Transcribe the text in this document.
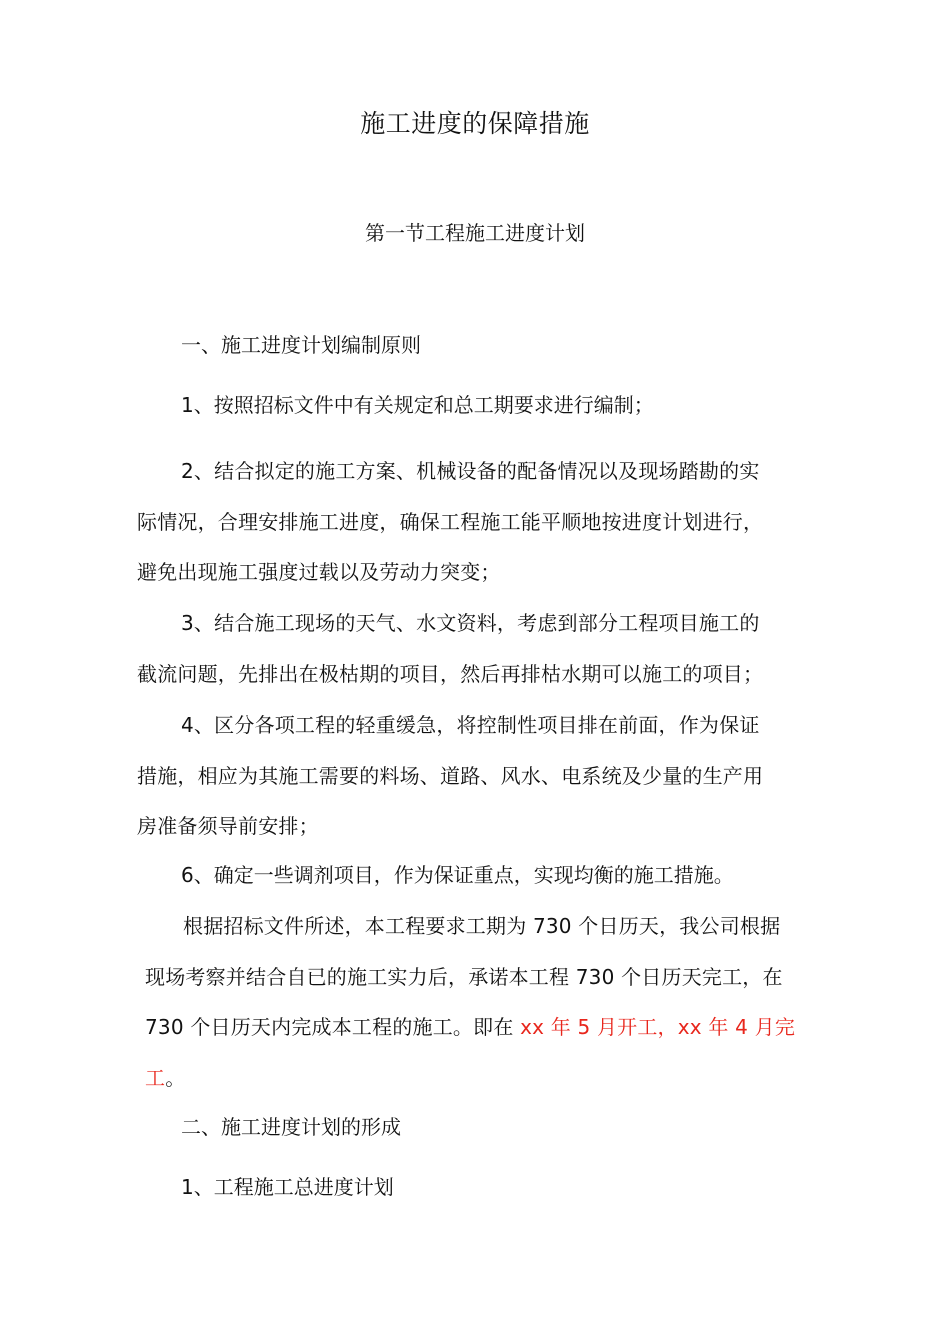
施工进度的保障措施
第一节工程施工进度计划
一、施工进度计划编制原则
1、按照招标文件中有关规定和总工期要求进行编制；
2、结合拟定的施工方案、机械设备的配备情况以及现场踏勘的实
际情况，合理安排施工进度，确保工程施工能平顺地按进度计划进行，
避免出现施工强度过载以及劳动力突变；
3、结合施工现场的天气、水文资料，考虑到部分工程项目施工的
截流问题，先排出在极枯期的项目，然后再排枯水期可以施工的项目；
4、区分各项工程的轻重缓急，将控制性项目排在前面，作为保证
措施，相应为其施工需要的料场、道路、风水、电系统及少量的生产用
房准备须导前安排；
6、确定一些调剂项目，作为保证重点，实现均衡的施工措施。
根据招标文件所述，本工程要求工期为 730 个日历天，我公司根据
现场考察并结合自已的施工实力后，承诺本工程 730 个日历天完工，在
730 个日历天内完成本工程的施工。即在 xx 年 5 月开工，xx 年 4 月完
工。
二、施工进度计划的形成
1、工程施工总进度计划
